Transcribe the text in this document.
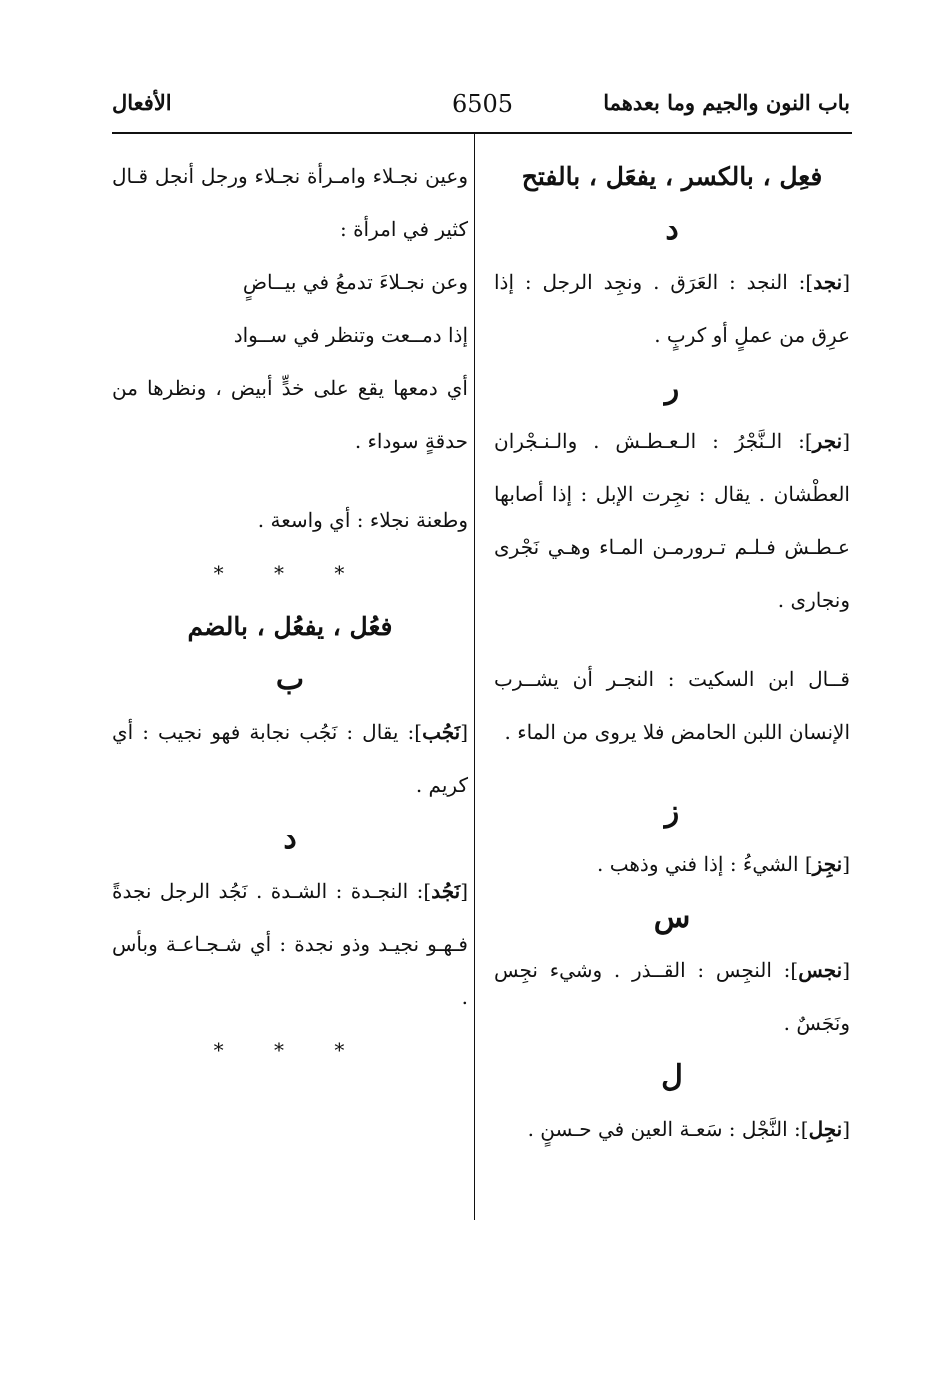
باب النون والجيم وما بعدهما
6505
الأفعال

فعِل ، بالكسر ، يفعَل ، بالفتح

د

[نجد]: النجد : العَرَق . ونجِد الرجل : إذا عرِق من عملٍ أو كربٍ .

ر

[نجر]: الـنَّجْرُ : الـعـطـش . والـنـجْران العطْشان . يقال : نجِرت الإبل : إذا أصابها عـطـش فـلـم تـرورمـن المـاء وهـي نَجْرى ونجارى .

قــال ابن السكيت : النجـر أن يشــرب الإنسان اللبن الحامض فلا يروى من الماء .

ز

[نجِز] الشيءُ : إذا فني وذهب .

س

[نجس]: النجِس : القــذر . وشيء نجِس ونَجَسٌ .

ل

[نجِل]: النَّجْل : سَعـة العين في حـسنٍ .

وعين نجـلاء وامـرأة نجـلاء ورجل أنجل قـال كثير في امرأة :

وعن نجـلاءَ تدمعُ في بيــاضٍ

إذا دمــعت وتنظر في ســواد

أي دمعها يقع على خدٍّ أبيض ، ونظرها من حدقةٍ سوداء .

وطعنة نجلاء : أي واسعة .

* * *

فعُل ، يفعُل ، بالضم

ب

[نَجُب]: يقال : نَجُب نجابة فهو نجيب : أي كريم .

د

[نَجُد]: النجـدة : الشـدة . نَجُد الرجل نجدةً فـهـو نجيـد وذو نجدة : أي شـجـاعـة وبأس .

* * *
